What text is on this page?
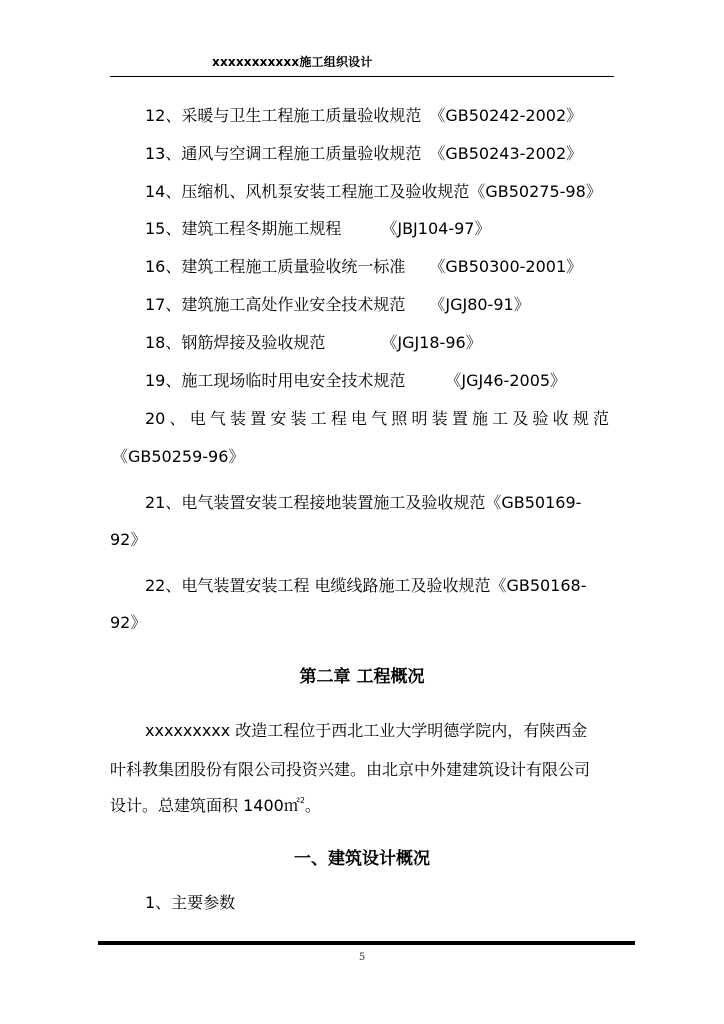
xxxxxxxxxxx施工组织设计
12、采暖与卫生工程施工质量验收规范　《GB50242-2002》
13、通风与空调工程施工质量验收规范　《GB50243-2002》
14、压缩机、风机泵安装工程施工及验收规范《GB50275-98》
15、建筑工程冬期施工规程　　　《JBJ104-97》
16、建筑工程施工质量验收统一标准　　《GB50300-2001》
17、建筑施工高处作业安全技术规范　　《JGJ80-91》
18、钢筋焊接及验收规范　　　　《JGJ18-96》
19、施工现场临时用电安全技术规范　　　《JGJ46-2005》
20、电气装置安装工程电气照明装置施工及验收规范
《GB50259-96》
21、电气装置安装工程接地装置施工及验收规范《GB50169-
92》
22、电气装置安装工程 电缆线路施工及验收规范《GB50168-
92》
第二章 工程概况
xxxxxxxxx 改造工程位于西北工业大学明德学院内，有陕西金
叶科教集团股份有限公司投资兴建。由北京中外建建筑设计有限公司
设计。总建筑面积 1400㎡$^2$。
一、建筑设计概况
1、主要参数
5
